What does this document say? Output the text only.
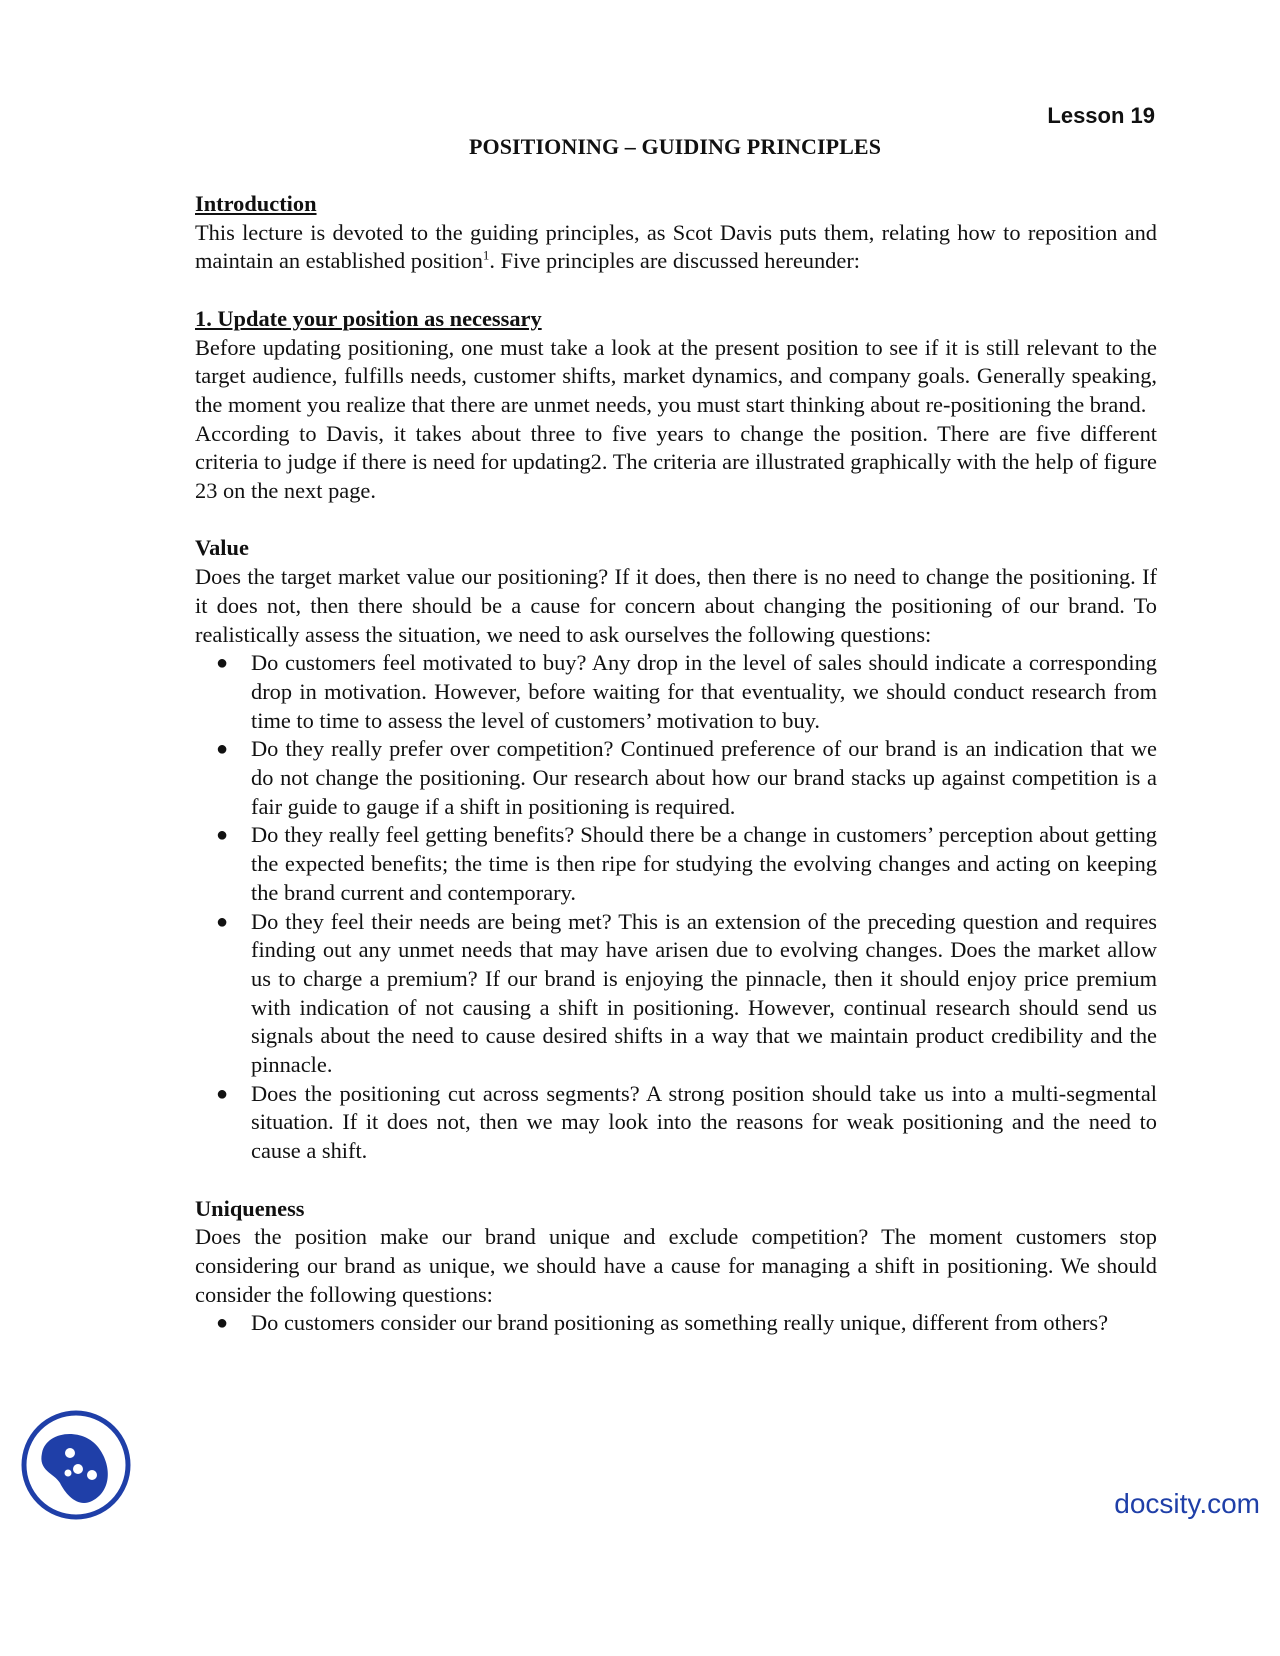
Lesson 19
POSITIONING – GUIDING PRINCIPLES
Introduction

This lecture is devoted to the guiding principles, as Scot Davis puts them, relating how to reposition and maintain an established position$^1$. Five principles are discussed hereunder:

1. Update your position as necessary

Before updating positioning, one must take a look at the present position to see if it is still relevant to the target audience, fulfills needs, customer shifts, market dynamics, and company goals. Generally speaking, the moment you realize that there are unmet needs, you must start thinking about re-positioning the brand.

According to Davis, it takes about three to five years to change the position. There are five different criteria to judge if there is need for updating2. The criteria are illustrated graphically with the help of figure 23 on the next page.

Value

Does the target market value our positioning? If it does, then there is no need to change the positioning. If it does not, then there should be a cause for concern about changing the positioning of our brand. To realistically assess the situation, we need to ask ourselves the following questions:

● Do customers feel motivated to buy? Any drop in the level of sales should indicate a corresponding drop in motivation. However, before waiting for that eventuality, we should conduct research from time to time to assess the level of customers’ motivation to buy.
● Do they really prefer over competition? Continued preference of our brand is an indication that we do not change the positioning. Our research about how our brand stacks up against competition is a fair guide to gauge if a shift in positioning is required.
● Do they really feel getting benefits? Should there be a change in customers’ perception about getting the expected benefits; the time is then ripe for studying the evolving changes and acting on keeping the brand current and contemporary.
● Do they feel their needs are being met? This is an extension of the preceding question and requires finding out any unmet needs that may have arisen due to evolving changes. Does the market allow us to charge a premium? If our brand is enjoying the pinnacle, then it should enjoy price premium with indication of not causing a shift in positioning. However, continual research should send us signals about the need to cause desired shifts in a way that we maintain product credibility and the pinnacle.
● Does the positioning cut across segments? A strong position should take us into a multi-segmental situation. If it does not, then we may look into the reasons for weak positioning and the need to cause a shift.
Uniqueness

Does the position make our brand unique and exclude competition? The moment customers stop considering our brand as unique, we should have a cause for managing a shift in positioning. We should consider the following questions:

● Do customers consider our brand positioning as something really unique, different from others?
docsity.com
